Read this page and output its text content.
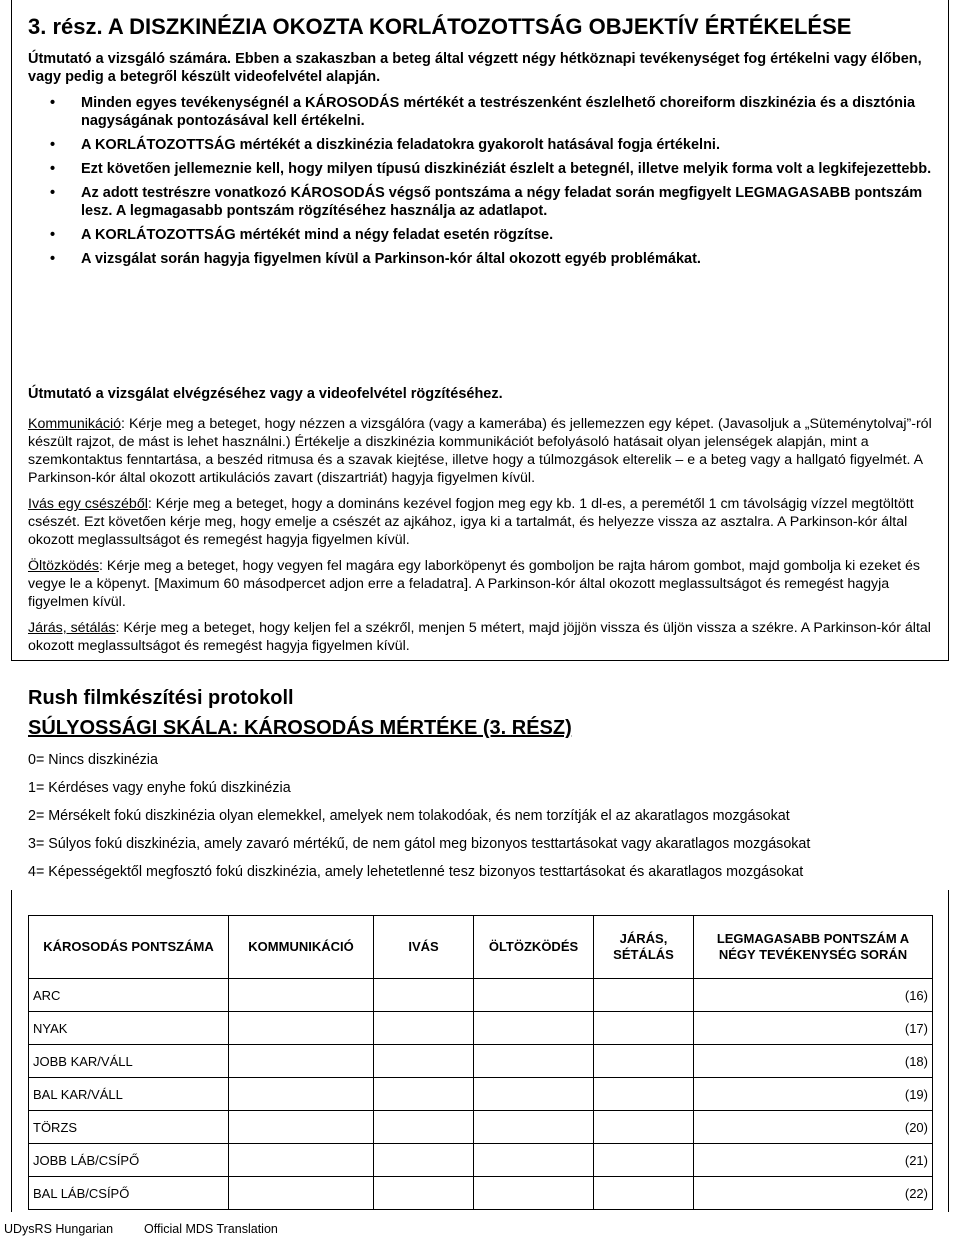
3. rész. A DISZKINÉZIA OKOZTA KORLÁTOZOTTSÁG OBJEKTÍV ÉRTÉKELÉSE

Útmutató a vizsgáló számára. Ebben a szakaszban a beteg által végzett négy hétköznapi tevékenységet fog értékelni vagy élőben, vagy pedig a betegről készült videofelvétel alapján.

• Minden egyes tevékenységnél a KÁROSODÁS mértékét a testrészenként észlelhető choreiform diszkinézia és a disztónia nagyságának pontozásával kell értékelni.
• A KORLÁTOZOTTSÁG mértékét a diszkinézia feladatokra gyakorolt hatásával fogja értékelni.
• Ezt követően jellemeznie kell, hogy milyen típusú diszkinéziát észlelt a betegnél, illetve melyik forma volt a legkifejezettebb.
• Az adott testrészre vonatkozó KÁROSODÁS végső pontszáma a négy feladat során megfigyelt LEGMAGASABB pontszám lesz. A legmagasabb pontszám rögzítéséhez használja az adatlapot.
• A KORLÁTOZOTTSÁG mértékét mind a négy feladat esetén rögzítse.
• A vizsgálat során hagyja figyelmen kívül a Parkinson-kór által okozott egyéb problémákat.

Útmutató a vizsgálat elvégzéséhez vagy a videofelvétel rögzítéséhez.

Kommunikáció: Kérje meg a beteget, hogy nézzen a vizsgálóra (vagy a kamerába) és jellemezzen egy képet. (Javasoljuk a „Süteménytolvaj”-ról készült rajzot, de mást is lehet használni.) Értékelje a diszkinézia kommunikációt befolyásoló hatásait olyan jelenségek alapján, mint a szemkontaktus fenntartása, a beszéd ritmusa és a szavak kiejtése, illetve hogy a túlmozgások elterelik – e a beteg vagy a hallgató figyelmét. A Parkinson-kór által okozott artikulációs zavart (diszartriát) hagyja figyelmen kívül.

Ivás egy csészéből: Kérje meg a beteget, hogy a domináns kezével fogjon meg egy kb. 1 dl-es, a peremétől 1 cm távolságig vízzel megtöltött csészét. Ezt követően kérje meg, hogy emelje a csészét az ajkához, igya ki a tartalmát, és helyezze vissza az asztalra. A Parkinson-kór által okozott meglassultságot és remegést hagyja figyelmen kívül.

Öltözködés: Kérje meg a beteget, hogy vegyen fel magára egy laborköpenyt és gomboljon be rajta három gombot, majd gombolja ki ezeket és vegye le a köpenyt. [Maximum 60 másodpercet adjon erre a feladatra]. A Parkinson-kór által okozott meglassultságot és remegést hagyja figyelmen kívül.

Járás, sétálás: Kérje meg a beteget, hogy keljen fel a székről, menjen 5 métert, majd jöjjön vissza és üljön vissza a székre. A Parkinson-kór által okozott meglassultságot és remegést hagyja figyelmen kívül.

Rush filmkészítési protokoll

SÚLYOSSÁGI SKÁLA: KÁROSODÁS MÉRTÉKE (3. RÉSZ)

0= Nincs diszkinézia

1= Kérdéses vagy enyhe fokú diszkinézia

2= Mérsékelt fokú diszkinézia olyan elemekkel, amelyek nem tolakodóak, és nem torzítják el az akaratlagos mozgásokat

3= Súlyos fokú diszkinézia, amely zavaró mértékű, de nem gátol meg bizonyos testtartásokat vagy akaratlagos mozgásokat

4= Képességektől megfosztó fokú diszkinézia, amely lehetetlenné tesz bizonyos testtartásokat és akaratlagos mozgásokat

KÁROSODÁS PONTSZÁMA	KOMMUNIKÁCIÓ	IVÁS	ÖLTÖZKÖDÉS	JÁRÁS, SÉTÁLÁS	LEGMAGASABB PONTSZÁM A NÉGY TEVÉKENYSÉG SORÁN
ARC					(16)
NYAK					(17)
JOBB KAR/VÁLL					(18)
BAL KAR/VÁLL					(19)
TÖRZS					(20)
JOBB LÁB/CSÍPŐ					(21)
BAL LÁB/CSÍPŐ					(22)
UDysRS Hungarian Official MDS Translation
